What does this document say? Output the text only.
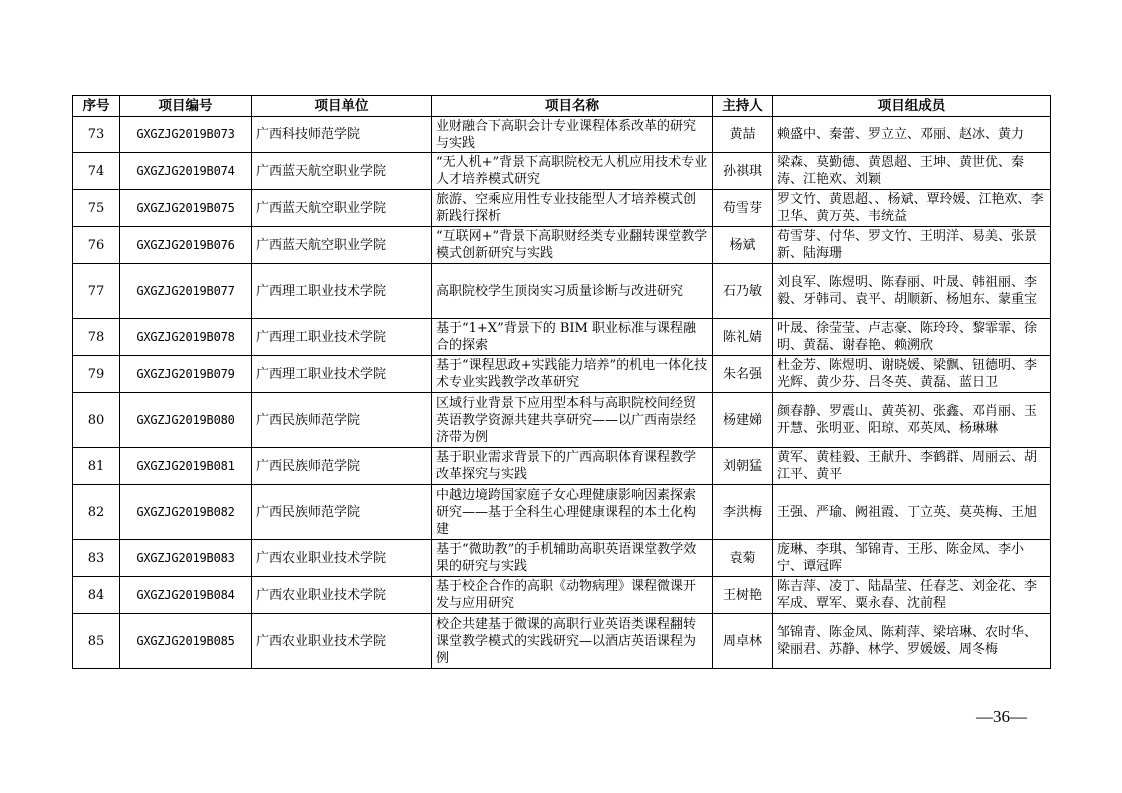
序号	项目编号	项目单位	项目名称	主持人	项目组成员
73	GXGZJG2019B073	广西科技师范学院	业财融合下高职会计专业课程体系改革的研究与实践	黄喆	赖盛中、秦蕾、罗立立、邓丽、赵冰、黄力
74	GXGZJG2019B074	广西蓝天航空职业学院	“无人机+”背景下高职院校无人机应用技术专业人才培养模式研究	孙祺琪	梁森、莫勤德、黄恩超、王坤、黄世优、秦涛、江艳欢、刘颖
75	GXGZJG2019B075	广西蓝天航空职业学院	旅游、空乘应用性专业技能型人才培养模式创新践行探析	苟雪芽	罗文竹、黄恩超、、杨斌、覃玲媛、江艳欢、李卫华、黄万英、韦统益
76	GXGZJG2019B076	广西蓝天航空职业学院	“互联网+”背景下高职财经类专业翻转课堂教学模式创新研究与实践	杨斌	苟雪芽、付华、罗文竹、王明洋、易美、张景新、陆海珊
77	GXGZJG2019B077	广西理工职业技术学院	高职院校学生顶岗实习质量诊断与改进研究	石乃敏	刘良军、陈煜明、陈春丽、叶晟、韩祖丽、李毅、牙韩司、袁平、胡顺新、杨旭东、蒙重宝
78	GXGZJG2019B078	广西理工职业技术学院	基于“1+X”背景下的 BIM 职业标准与课程融合的探索	陈礼婧	叶晟、徐莹莹、卢志豪、陈玲玲、黎霏霏、徐明、黄磊、谢春艳、赖溯欣
79	GXGZJG2019B079	广西理工职业技术学院	基于“课程思政+实践能力培养”的机电一体化技术专业实践教学改革研究	朱名强	杜金芳、陈煜明、谢晓媛、梁飘、钮德明、李光辉、黄少芬、吕冬英、黄磊、蓝日卫
80	GXGZJG2019B080	广西民族师范学院	区域行业背景下应用型本科与高职院校间经贸英语教学资源共建共享研究——以广西南崇经济带为例	杨建娣	颜春静、罗震山、黄英初、张鑫、邓肖丽、玉开慧、张明亚、阳琼、邓英凤、杨琳琳
81	GXGZJG2019B081	广西民族师范学院	基于职业需求背景下的广西高职体育课程教学改革探究与实践	刘朝猛	黄军、黄桂毅、王献升、李鹤群、周丽云、胡江平、黄平
82	GXGZJG2019B082	广西民族师范学院	中越边境跨国家庭子女心理健康影响因素探索研究——基于全科生心理健康课程的本土化构建	李洪梅	王强、严瑜、阙祖霞、丁立英、莫英梅、王旭
83	GXGZJG2019B083	广西农业职业技术学院	基于“微助教”的手机辅助高职英语课堂教学效果的研究与实践	袁菊	庞琳、李琪、邹锦青、王彤、陈金凤、李小宁、谭冠晖
84	GXGZJG2019B084	广西农业职业技术学院	基于校企合作的高职《动物病理》课程微课开发与应用研究	王树艳	陈吉萍、凌丁、陆晶莹、任春芝、刘金花、李军成、覃军、粟永春、沈前程
85	GXGZJG2019B085	广西农业职业技术学院	校企共建基于微课的高职行业英语类课程翻转课堂教学模式的实践研究—以酒店英语课程为例	周卓林	邹锦青、陈金凤、陈莉萍、梁培琳、农时华、梁丽君、苏静、林学、罗媛媛、周冬梅
—36—
